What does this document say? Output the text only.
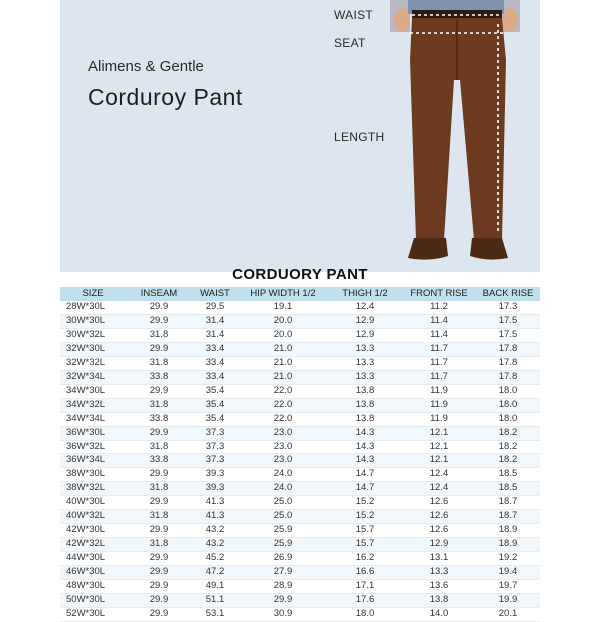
Alimens & Gentle
Corduroy Pant
WAIST
SEAT
LENGTH
CORDUORY PANT
SIZE	INSEAM	WAIST	HIP WIDTH 1/2	THIGH 1/2	FRONT RISE	BACK RISE
28W*30L	29.9	29.5	19.1	12.4	11.2	17.3
30W*30L	29.9	31.4	20.0	12.9	11.4	17.5
30W*32L	31.8	31.4	20.0	12.9	11.4	17.5
32W*30L	29.9	33.4	21.0	13.3	11.7	17.8
32W*32L	31.8	33.4	21.0	13.3	11.7	17.8
32W*34L	33.8	33.4	21.0	13.3	11.7	17.8
34W*30L	29.9	35.4	22.0	13.8	11.9	18.0
34W*32L	31.8	35.4	22.0	13.8	11.9	18.0
34W*34L	33.8	35.4	22.0	13.8	11.9	18.0
36W*30L	29.9	37.3	23.0	14.3	12.1	18.2
36W*32L	31.8	37.3	23.0	14.3	12.1	18.2
36W*34L	33.8	37.3	23.0	14.3	12.1	18.2
38W*30L	29.9	39.3	24.0	14.7	12.4	18.5
38W*32L	31.8	39.3	24.0	14.7	12.4	18.5
40W*30L	29.9	41.3	25.0	15.2	12.6	18.7
40W*32L	31.8	41.3	25.0	15.2	12.6	18.7
42W*30L	29.9	43.2	25.9	15.7	12.6	18.9
42W*32L	31.8	43.2	25.9	15.7	12.9	18.9
44W*30L	29.9	45.2	26.9	16.2	13.1	19.2
46W*30L	29.9	47.2	27.9	16.6	13.3	19.4
48W*30L	29.9	49.1	28.9	17.1	13.6	19.7
50W*30L	29.9	51.1	29.9	17.6	13.8	19.9
52W*30L	29.9	53.1	30.9	18.0	14.0	20.1
